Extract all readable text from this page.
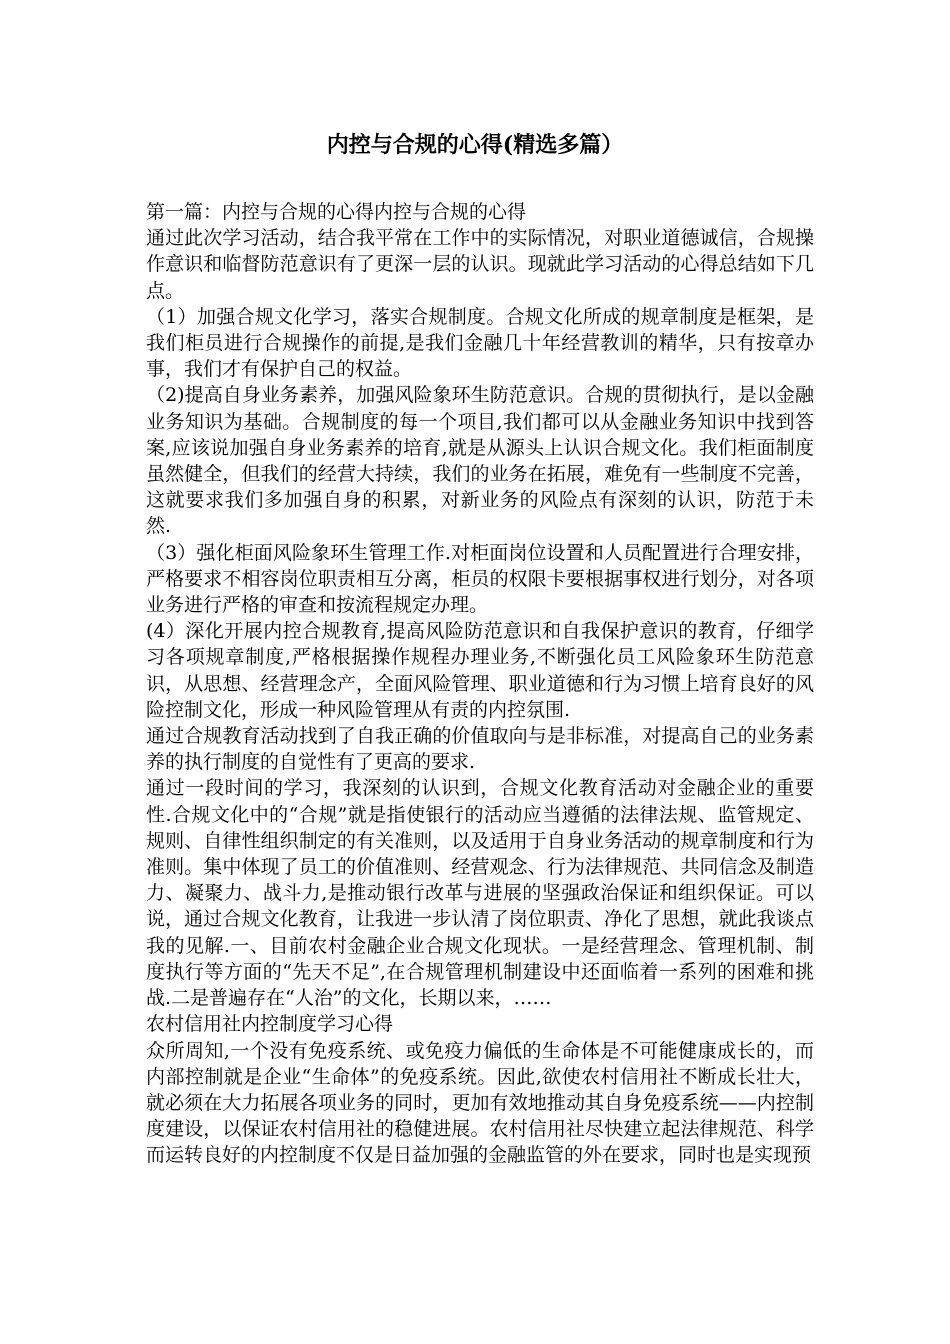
内控与合规的心得(精选多篇）

第一篇：内控与合规的心得内控与合规的心得

通过此次学习活动，结合我平常在工作中的实际情况，对职业道德诚信，合规操作意识和临督防范意识有了更深一层的认识。现就此学习活动的心得总结如下几点。

（1）加强合规文化学习，落实合规制度。合规文化所成的规章制度是框架，是我们柜员进行合规操作的前提,是我们金融几十年经营教训的精华，只有按章办事，我们才有保护自己的权益。

（2)提高自身业务素养，加强风险象环生防范意识。合规的贯彻执行，是以金融业务知识为基础。合规制度的每一个项目,我们都可以从金融业务知识中找到答案,应该说加强自身业务素养的培育,就是从源头上认识合规文化。我们柜面制度虽然健全，但我们的经营大持续，我们的业务在拓展，难免有一些制度不完善，这就要求我们多加强自身的积累，对新业务的风险点有深刻的认识，防范于未然.

（3）强化柜面风险象环生管理工作.对柜面岗位设置和人员配置进行合理安排，严格要求不相容岗位职责相互分离，柜员的权限卡要根据事权进行划分，对各项业务进行严格的审查和按流程规定办理。

(4）深化开展内控合规教育,提高风险防范意识和自我保护意识的教育，仔细学习各项规章制度,严格根据操作规程办理业务,不断强化员工风险象环生防范意识，从思想、经营理念产，全面风险管理、职业道德和行为习惯上培育良好的风险控制文化，形成一种风险管理从有责的内控氛围.

通过合规教育活动找到了自我正确的价值取向与是非标准，对提高自己的业务素养的执行制度的自觉性有了更高的要求.

通过一段时间的学习，我深刻的认识到，合规文化教育活动对金融企业的重要性.合规文化中的“合规”就是指使银行的活动应当遵循的法律法规、监管规定、规则、自律性组织制定的有关准则，以及适用于自身业务活动的规章制度和行为准则。集中体现了员工的价值准则、经营观念、行为法律规范、共同信念及制造力、凝聚力、战斗力,是推动银行改革与进展的坚强政治保证和组织保证。可以说，通过合规文化教育，让我进一步认清了岗位职责、净化了思想，就此我谈点我的见解.一、目前农村金融企业合规文化现状。一是经营理念、管理机制、制度执行等方面的“先天不足”,在合规管理机制建设中还面临着一系列的困难和挑战.二是普遍存在“人治”的文化，长期以来，……

农村信用社内控制度学习心得

众所周知,一个没有免疫系统、或免疫力偏低的生命体是不可能健康成长的，而内部控制就是企业“生命体”的免疫系统。因此,欲使农村信用社不断成长壮大，就必须在大力拓展各项业务的同时，更加有效地推动其自身免疫系统——内控制度建设，以保证农村信用社的稳健进展。农村信用社尽快建立起法律规范、科学而运转良好的内控制度不仅是日益加强的金融监管的外在要求，同时也是实现预
